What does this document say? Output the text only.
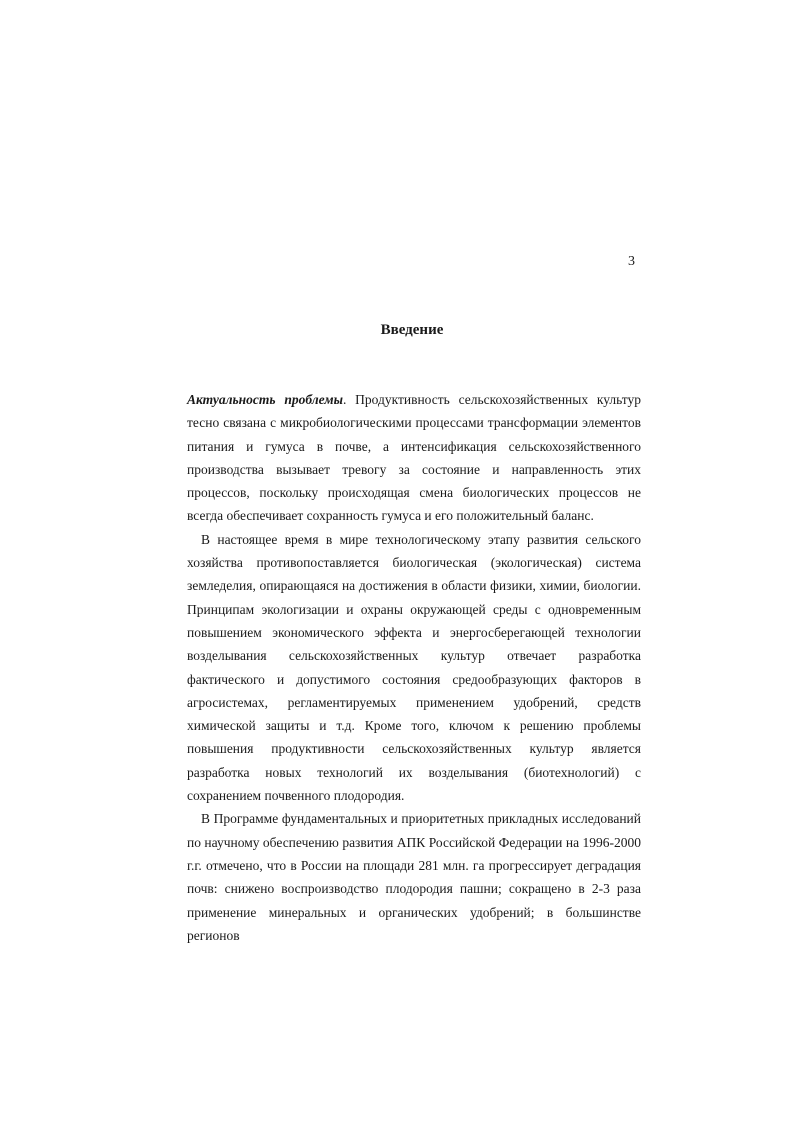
3
Введение

Актуальность проблемы. Продуктивность сельскохозяйственных культур тесно связана с микробиологическими процессами трансформации элементов питания и гумуса в почве, а интенсификация сельскохозяйственного производства вызывает тревогу за состояние и направленность этих процессов, поскольку происходящая смена биологических процессов не всегда обеспечивает сохранность гумуса и его положительный баланс.

В настоящее время в мире технологическому этапу развития сельского хозяйства противопоставляется биологическая (экологическая) система земледелия, опирающаяся на достижения в области физики, химии, биологии. Принципам экологизации и охраны окружающей среды с одновременным повышением экономического эффекта и энергосберегающей технологии возделывания сельскохозяйственных культур отвечает разработка фактического и допустимого состояния средообразующих факторов в агросистемах, регламентируемых применением удобрений, средств химической защиты и т.д. Кроме того, ключом к решению проблемы повышения продуктивности сельскохозяйственных культур является разработка новых технологий их возделывания (биотехнологий) с сохранением почвенного плодородия.

В Программе фундаментальных и приоритетных прикладных исследований по научному обеспечению развития АПК Российской Федерации на 1996-2000 г.г. отмечено, что в России на площади 281 млн. га прогрессирует деградация почв: снижено воспроизводство плодородия пашни; сокращено в 2-3 раза применение минеральных и органических удобрений; в большинстве регионов
